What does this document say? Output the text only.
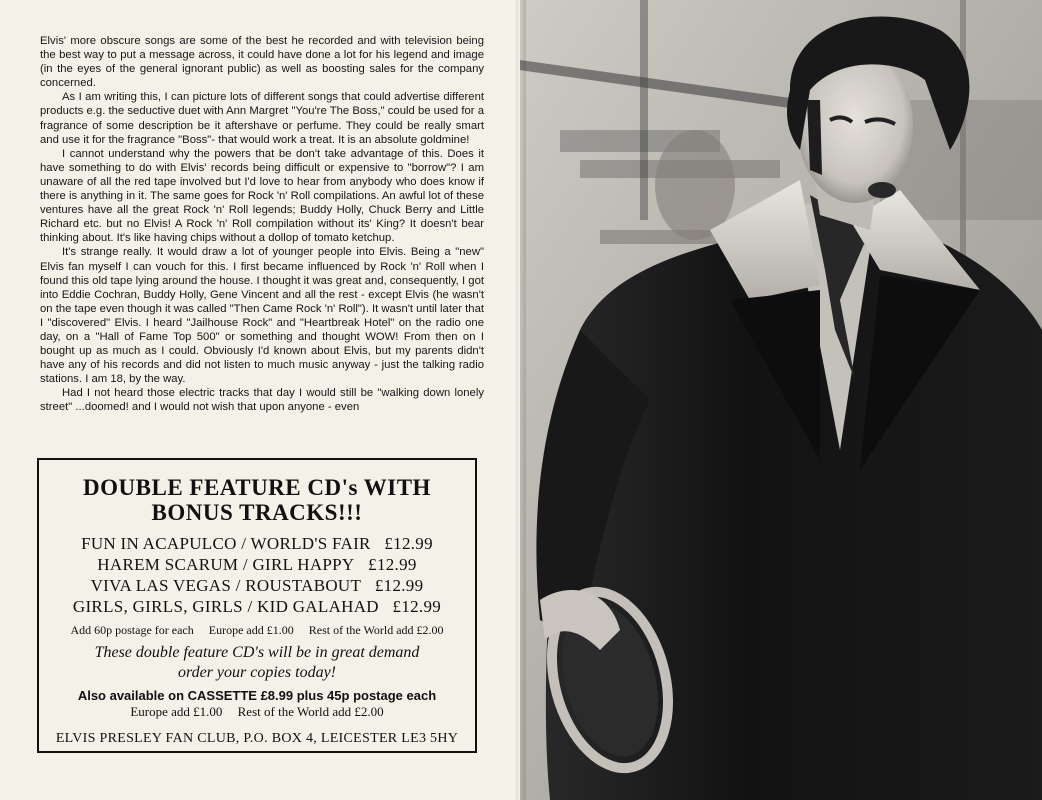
Elvis' more obscure songs are some of the best he recorded and with television being the best way to put a message across, it could have done a lot for his legend and image (in the eyes of the general ignorant public) as well as boosting sales for the company concerned.

As I am writing this, I can picture lots of different songs that could advertise different products e.g. the seductive duet with Ann Margret "You're The Boss," could be used for a fragrance of some description be it aftershave or perfume. They could be really smart and use it for the fragrance "Boss"- that would work a treat. It is an absolute goldmine!

I cannot understand why the powers that be don't take advantage of this. Does it have something to do with Elvis' records being difficult or expensive to "borrow"? I am unaware of all the red tape involved but I'd love to hear from anybody who does know if there is anything in it. The same goes for Rock 'n' Roll compilations. An awful lot of these ventures have all the great Rock 'n' Roll legends; Buddy Holly, Chuck Berry and Little Richard etc. but no Elvis! A Rock 'n' Roll compilation without its' King? It doesn't bear thinking about. It's like having chips without a dollop of tomato ketchup.

It's strange really. It would draw a lot of younger people into Elvis. Being a "new" Elvis fan myself I can vouch for this. I first became influenced by Rock 'n' Roll when I found this old tape lying around the house. I thought it was great and, consequently, I got into Eddie Cochran, Buddy Holly, Gene Vincent and all the rest - except Elvis (he wasn't on the tape even though it was called "Then Came Rock 'n' Roll"). It wasn't until later that I "discovered" Elvis. I heard "Jailhouse Rock" and "Heartbreak Hotel" on the radio one day, on a "Hall of Fame Top 500" or something and thought WOW! From then on I bought up as much as I could. Obviously I'd known about Elvis, but my parents didn't have any of his records and did not listen to much music anyway - just the talking radio stations. I am 18, by the way.

Had I not heard those electric tracks that day I would still be "walking down lonely street" ...doomed! and I would not wish that upon anyone - even

DOUBLE FEATURE CD's WITH
BONUS TRACKS!!!
FUN IN ACAPULCO / WORLD'S FAIR £12.99
HAREM SCARUM / GIRL HAPPY £12.99
VIVA LAS VEGAS / ROUSTABOUT £12.99
GIRLS, GIRLS, GIRLS / KID GALAHAD £12.99
Add 60p postage for each Europe add £1.00 Rest of the World add £2.00
These double feature CD's will be in great demand
order your copies today!
Also available on CASSETTE £8.99 plus 45p postage each
Europe add £1.00 Rest of the World add £2.00
ELVIS PRESLEY FAN CLUB, P.O. BOX 4, LEICESTER LE3 5HY
